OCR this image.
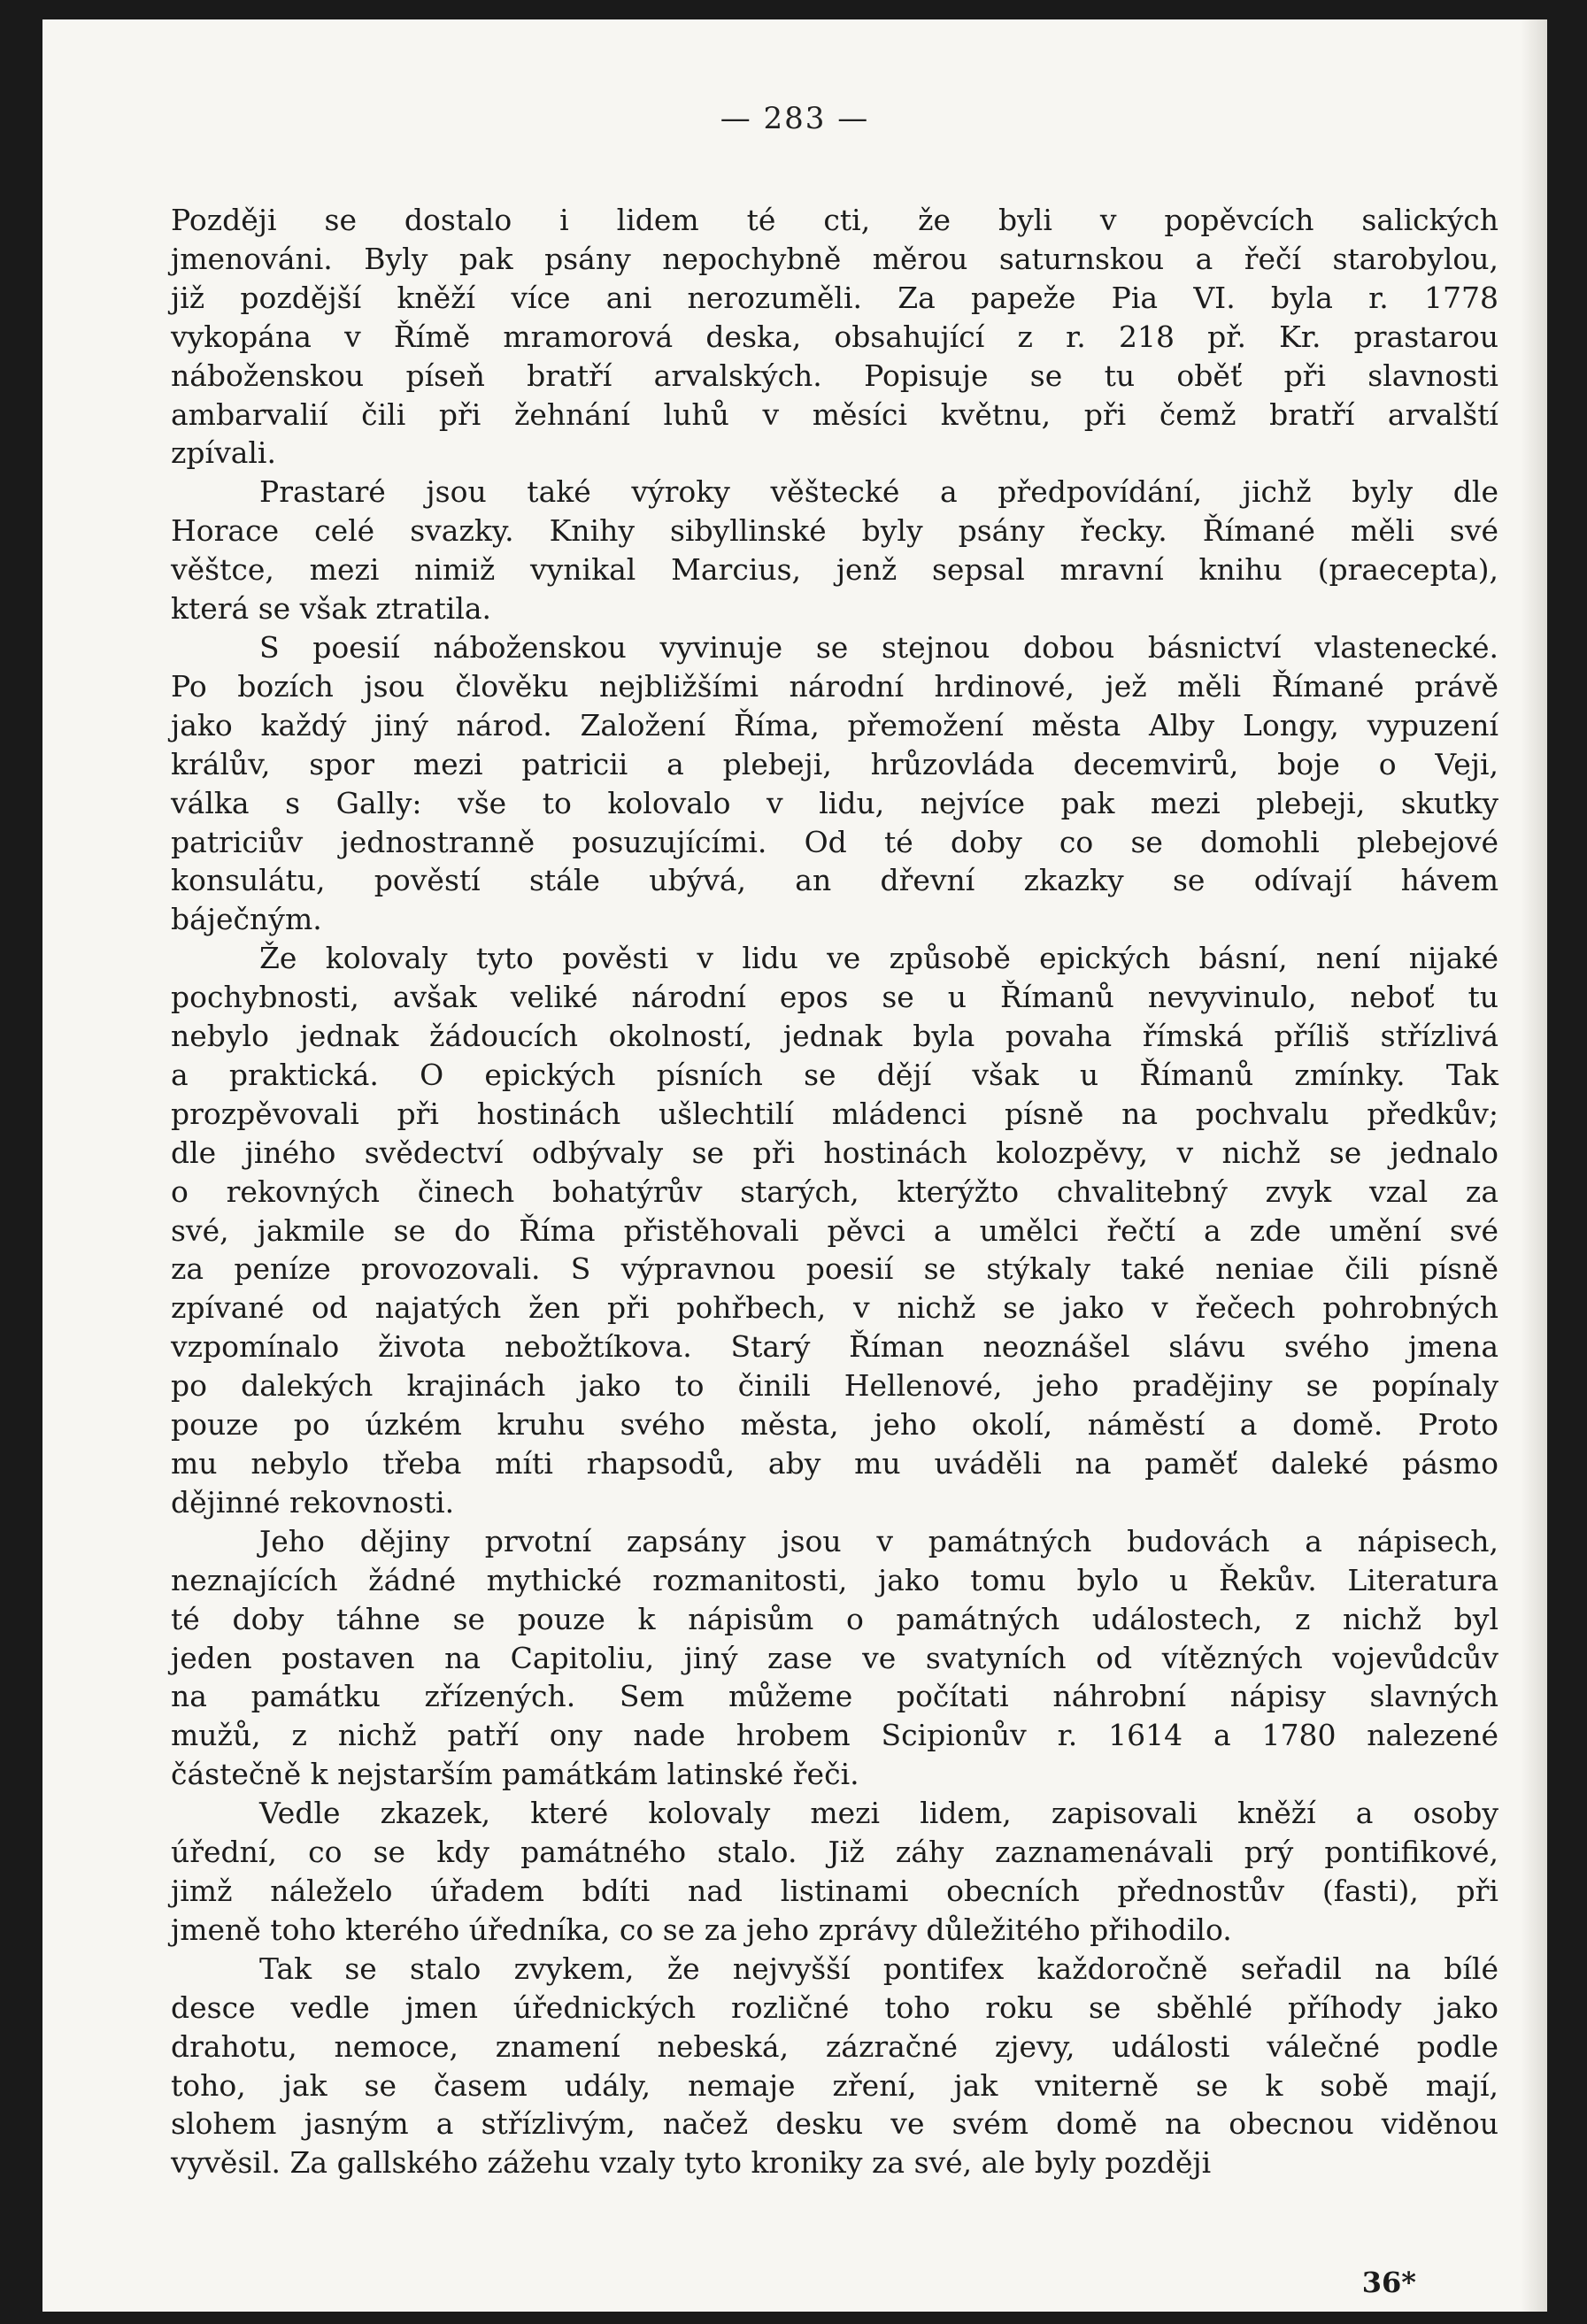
— 283 —
Později se dostalo i lidem té cti, že byli v popěvcích salických
jmenováni. Byly pak psány nepochybně měrou saturnskou a řečí starobylou,
již pozdější kněží více ani nerozuměli. Za papeže Pia VI. byla r. 1778
vykopána v Římě mramorová deska, obsahující z r. 218 př. Kr. prastarou
náboženskou píseň bratří arvalských. Popisuje se tu oběť při slavnosti
ambarvalií čili při žehnání luhů v měsíci květnu, při čemž bratří arvalští
zpívali.
Prastaré jsou také výroky věštecké a předpovídání, jichž byly dle
Horace celé svazky. Knihy sibyllinské byly psány řecky. Římané měli své
věštce, mezi nimiž vynikal Marcius, jenž sepsal mravní knihu (praecepta),
která se však ztratila.
S poesií náboženskou vyvinuje se stejnou dobou básnictví vlastenecké.
Po bozích jsou člověku nejbližšími národní hrdinové, jež měli Římané právě
jako každý jiný národ. Založení Říma, přemožení města Alby Longy, vypuzení
králův, spor mezi patricii a plebeji, hrůzovláda decemvirů, boje o Veji,
válka s Gally: vše to kolovalo v lidu, nejvíce pak mezi plebeji, skutky
patriciův jednostranně posuzujícími. Od té doby co se domohli plebejové
konsulátu, pověstí stále ubývá, an dřevní zkazky se odívají hávem
báječným.
Že kolovaly tyto pověsti v lidu ve způsobě epických básní, není nijaké
pochybnosti, avšak veliké národní epos se u Římanů nevyvinulo, neboť tu
nebylo jednak žádoucích okolností, jednak byla povaha římská příliš střízlivá
a praktická. O epických písních se dějí však u Římanů zmínky. Tak
prozpěvovali při hostinách ušlechtilí mládenci písně na pochvalu předkův;
dle jiného svědectví odbývaly se při hostinách kolozpěvy, v nichž se jednalo
o rekovných činech bohatýrův starých, kterýžto chvalitebný zvyk vzal za
své, jakmile se do Říma přistěhovali pěvci a umělci řečtí a zde umění své
za peníze provozovali. S výpravnou poesií se stýkaly také neniae čili písně
zpívané od najatých žen při pohřbech, v nichž se jako v řečech pohrobných
vzpomínalo života nebožtíkova. Starý Říman neoznášel slávu svého jmena
po dalekých krajinách jako to činili Hellenové, jeho pradějiny se popínaly
pouze po úzkém kruhu svého města, jeho okolí, náměstí a domě. Proto
mu nebylo třeba míti rhapsodů, aby mu uváděli na paměť daleké pásmo
dějinné rekovnosti.
Jeho dějiny prvotní zapsány jsou v památných budovách a nápisech,
neznajících žádné mythické rozmanitosti, jako tomu bylo u Řekův. Literatura
té doby táhne se pouze k nápisům o památných událostech, z nichž byl
jeden postaven na Capitoliu, jiný zase ve svatyních od vítězných vojevůdcův
na památku zřízených. Sem můžeme počítati náhrobní nápisy slavných
mužů, z nichž patří ony nade hrobem Scipionův r. 1614 a 1780 nalezené
částečně k nejstarším památkám latinské řeči.
Vedle zkazek, které kolovaly mezi lidem, zapisovali kněží a osoby
úřední, co se kdy památného stalo. Již záhy zaznamenávali prý pontifikové,
jimž náleželo úřadem bdíti nad listinami obecních přednostův (fasti), při
jmeně toho kterého úředníka, co se za jeho zprávy důležitého přihodilo.
Tak se stalo zvykem, že nejvyšší pontifex každoročně seřadil na bílé
desce vedle jmen úřednických rozličné toho roku se sběhlé příhody jako
drahotu, nemoce, znamení nebeská, zázračné zjevy, události válečné podle
toho, jak se časem udály, nemaje zření, jak vniterně se k sobě mají,
slohem jasným a střízlivým, načež desku ve svém domě na obecnou viděnou
vyvěsil. Za gallského zážehu vzaly tyto kroniky za své, ale byly později
36*
